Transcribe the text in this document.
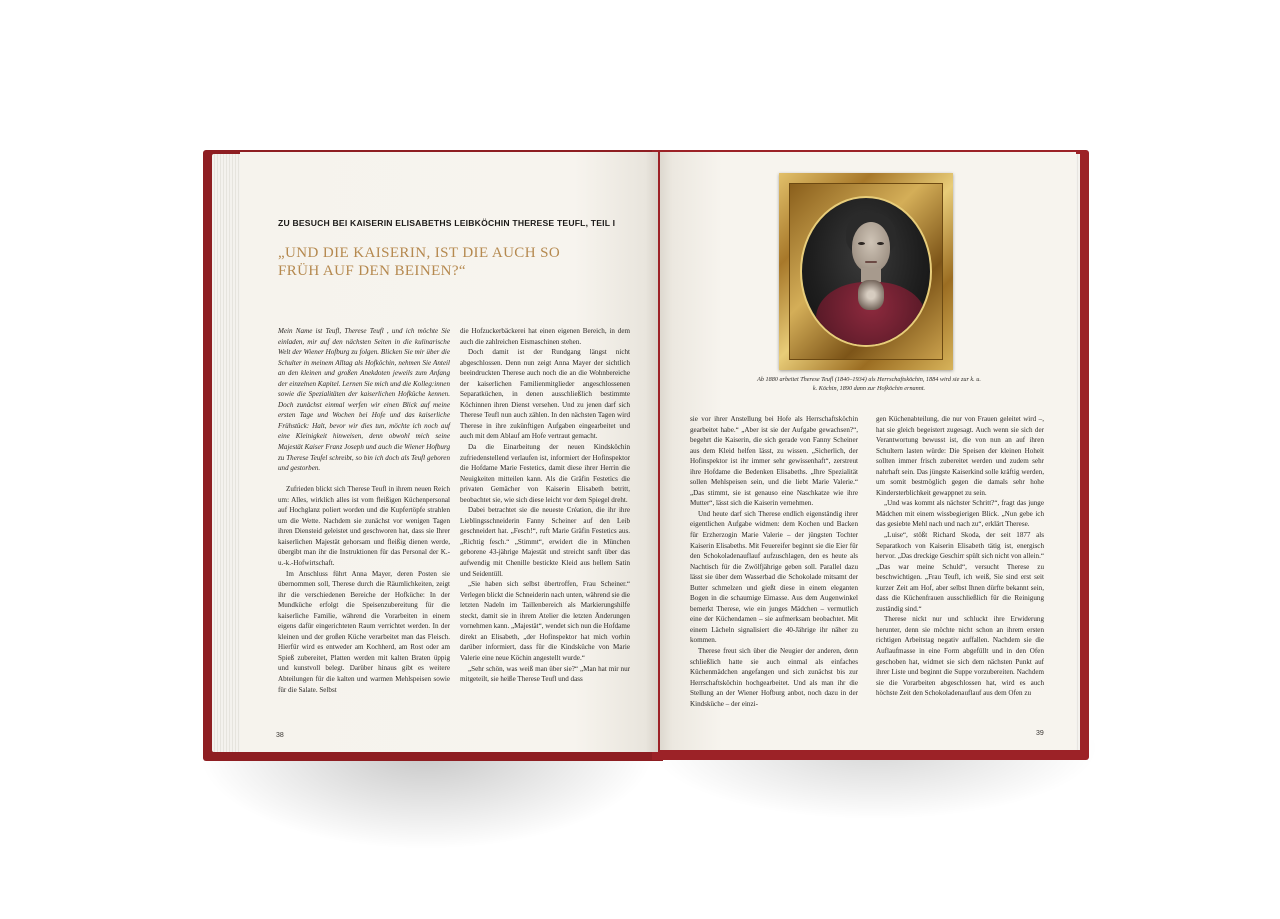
ZU BESUCH BEI KAISERIN ELISABETHS LEIBKÖCHIN THERESE TEUFL, TEIL I
„UND DIE KAISERIN, IST DIE AUCH SO FRÜH AUF DEN BEINEN?“

Mein Name ist Teufl, Therese Teufl , und ich möchte Sie einladen, mir auf den nächsten Seiten in die kulinarische Welt der Wiener Hofburg zu folgen. Blicken Sie mir über die Schulter in meinem Alltag als Hofköchin, nehmen Sie Anteil an den kleinen und großen Anekdoten jeweils zum Anfang der einzelnen Kapitel. Lernen Sie mich und die Kolleg:innen sowie die Spezialitäten der kaiserlichen Hofküche kennen. Doch zunächst einmal werfen wir einen Blick auf meine ersten Tage und Wochen bei Hofe und das kaiserliche Frühstück: Halt, bevor wir dies tun, möchte ich noch auf eine Kleinigkeit hinweisen, denn obwohl mich seine Majestät Kaiser Franz Joseph und auch die Wiener Hofburg zu Therese Teufel schreibt, so bin ich doch als Teufl geboren und gestorben.

Zufrieden blickt sich Therese Teufl in ihrem neuen Reich um: Alles, wirklich alles ist vom fleißigen Küchenpersonal auf Hochglanz poliert worden und die Kupfertöpfe strahlen um die Wette. Nachdem sie zunächst vor wenigen Tagen ihren Diensteid geleistet und geschworen hat, dass sie Ihrer kaiserlichen Majestät gehorsam und fleißig dienen werde, übergibt man ihr die Instruktionen für das Personal der K.-u.-k.-Hofwirtschaft.

Im Anschluss führt Anna Mayer, deren Posten sie übernommen soll, Therese durch die Räumlichkeiten, zeigt ihr die verschiedenen Bereiche der Hofküche: In der Mundküche erfolgt die Speisenzubereitung für die kaiserliche Familie, während die Vorarbeiten in einem eigens dafür eingerichteten Raum verrichtet werden. In der kleinen und der großen Küche verarbeitet man das Fleisch. Hierfür wird es entweder am Kochherd, am Rost oder am Spieß zubereitet, Platten werden mit kalten Braten üppig und kunstvoll belegt. Darüber hinaus gibt es weitere Abteilungen für die kalten und warmen Mehlspeisen sowie für die Salate. Selbst

die Hofzuckerbäckerei hat einen eigenen Bereich, in dem auch die zahlreichen Eismaschinen stehen.

Doch damit ist der Rundgang längst nicht abgeschlossen. Denn nun zeigt Anna Mayer der sichtlich beeindruckten Therese auch noch die an die Wohnbereiche der kaiserlichen Familienmitglieder angeschlossenen Separatküchen, in denen ausschließlich bestimmte Köchinnen ihren Dienst versehen. Und zu jenen darf sich Therese Teufl nun auch zählen. In den nächsten Tagen wird Therese in ihre zukünftigen Aufgaben eingearbeitet und auch mit dem Ablauf am Hofe vertraut gemacht.

Da die Einarbeitung der neuen Kindsköchin zufriedenstellend verlaufen ist, informiert der Hofinspektor die Hofdame Marie Festetics, damit diese ihrer Herrin die Neuigkeiten mitteilen kann. Als die Gräfin Festetics die privaten Gemächer von Kaiserin Elisabeth betritt, beobachtet sie, wie sich diese leicht vor dem Spiegel dreht.

Dabei betrachtet sie die neueste Création, die ihr ihre Lieblingsschneiderin Fanny Scheiner auf den Leib geschneidert hat. „Fesch!“, ruft Marie Gräfin Festetics aus. „Richtig fesch.“ „Stimmt“, erwidert die in München geborene 43-jährige Majestät und streicht sanft über das aufwendig mit Chenille bestickte Kleid aus hellem Satin und Seidentüll.

„Sie haben sich selbst übertroffen, Frau Scheiner.“ Verlegen blickt die Schneiderin nach unten, während sie die letzten Nadeln im Taillenbereich als Markierungshilfe steckt, damit sie in ihrem Atelier die letzten Änderungen vornehmen kann. „Majestät“, wendet sich nun die Hofdame direkt an Elisabeth, „der Hofinspektor hat mich vorhin darüber informiert, dass für die Kindsküche von Marie Valerie eine neue Köchin angestellt wurde.“

„Sehr schön, was weiß man über sie?“ „Man hat mir nur mitgeteilt, sie heiße Therese Teufl und dass

38
Ab 1880 arbeitet Therese Teufl (1840–1934) als Herrschaftsköchin, 1884 wird sie zur k. u. k. Köchin, 1890 dann zur Hofköchin ernannt.

sie vor ihrer Anstellung bei Hofe als Herrschaftsköchin gearbeitet habe.“ „Aber ist sie der Aufgabe gewachsen?“, begehrt die Kaiserin, die sich gerade von Fanny Scheiner aus dem Kleid helfen lässt, zu wissen. „Sicherlich, der Hofinspektor ist ihr immer sehr gewissenhaft“, zerstreut ihre Hofdame die Bedenken Elisabeths. „Ihre Spezialität sollen Mehlspeisen sein, und die liebt Marie Valerie.“ „Das stimmt, sie ist genauso eine Naschkatze wie ihre Mutter“, lässt sich die Kaiserin vernehmen.

Und heute darf sich Therese endlich eigenständig ihrer eigentlichen Aufgabe widmen: dem Kochen und Backen für Erzherzogin Marie Valerie – der jüngsten Tochter Kaiserin Elisabeths. Mit Feuereifer beginnt sie die Eier für den Schokoladenauflauf aufzuschlagen, den es heute als Nachtisch für die Zwölfjährige geben soll. Parallel dazu lässt sie über dem Wasserbad die Schokolade mitsamt der Butter schmelzen und gießt diese in einem eleganten Bogen in die schaumige Eimasse. Aus dem Augenwinkel bemerkt Therese, wie ein junges Mädchen – vermutlich eine der Küchendamen – sie aufmerksam beobachtet. Mit einem Lächeln signalisiert die 40-Jährige ihr näher zu kommen.

Therese freut sich über die Neugier der anderen, denn schließlich hatte sie auch einmal als einfaches Küchenmädchen angefangen und sich zunächst bis zur Herrschaftsköchin hochgearbeitet. Und als man ihr die Stellung an der Wiener Hofburg anbot, noch dazu in der Kindsküche – der einzi-

gen Küchenabteilung, die nur von Frauen geleitet wird –, hat sie gleich begeistert zugesagt. Auch wenn sie sich der Verantwortung bewusst ist, die von nun an auf ihren Schultern lasten würde: Die Speisen der kleinen Hoheit sollten immer frisch zubereitet werden und zudem sehr nahrhaft sein. Das jüngste Kaiserkind solle kräftig werden, um somit bestmöglich gegen die damals sehr hohe Kindersterblichkeit gewappnet zu sein.

„Und was kommt als nächster Schritt?“, fragt das junge Mädchen mit einem wissbegierigen Blick. „Nun gebe ich das gesiebte Mehl nach und nach zu“, erklärt Therese.

„Luise“, stößt Richard Skoda, der seit 1877 als Separatkoch von Kaiserin Elisabeth tätig ist, energisch hervor. „Das dreckige Geschirr spült sich nicht von allein.“ „Das war meine Schuld“, versucht Therese zu beschwichtigen. „Frau Teufl, ich weiß, Sie sind erst seit kurzer Zeit am Hof, aber selbst Ihnen dürfte bekannt sein, dass die Küchenfrauen ausschließlich für die Reinigung zuständig sind.“

Therese nickt nur und schluckt ihre Erwiderung herunter, denn sie möchte nicht schon an ihrem ersten richtigen Arbeitstag negativ auffallen. Nachdem sie die Auflaufmasse in eine Form abgefüllt und in den Ofen geschoben hat, widmet sie sich dem nächsten Punkt auf ihrer Liste und beginnt die Suppe vorzubereiten. Nachdem sie die Vorarbeiten abgeschlossen hat, wird es auch höchste Zeit den Schokoladenauflauf aus dem Ofen zu

39
